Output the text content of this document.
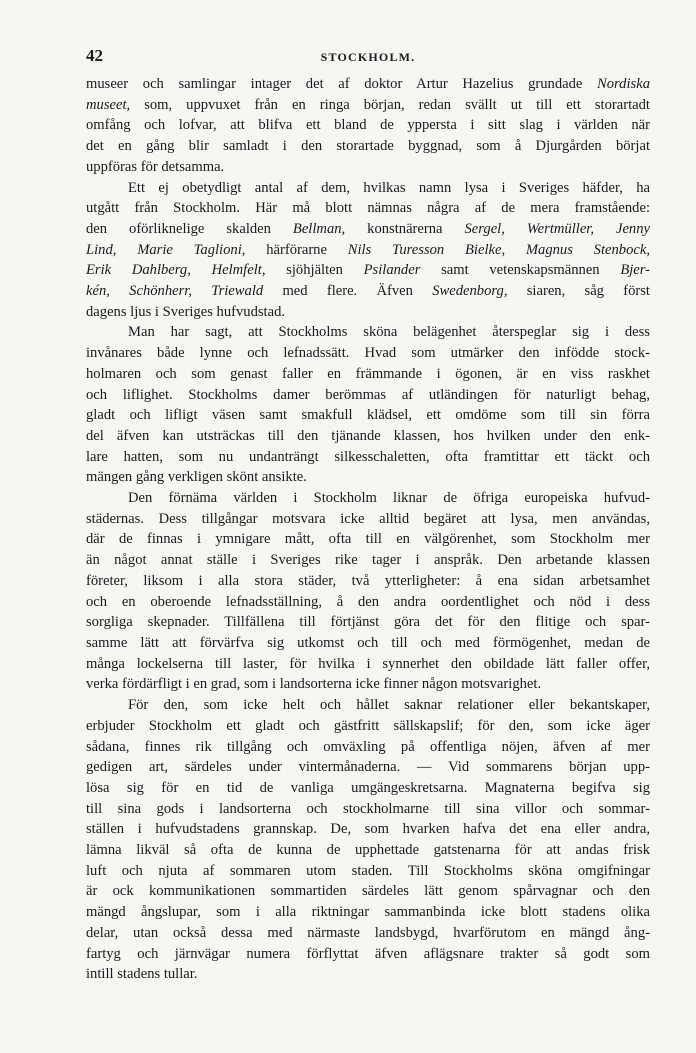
42	STOCKHOLM.
museer och samlingar intager det af doktor Artur Hazelius grundade Nordiska
museet, som, uppvuxet från en ringa början, redan svällt ut till ett storartadt
omfång och lofvar, att blifva ett bland de yppersta i sitt slag i världen när
det en gång blir samladt i den storartade byggnad, som å Djurgården börjat
uppföras för detsamma.
Ett ej obetydligt antal af dem, hvilkas namn lysa i Sveriges häfder, ha
utgått från Stockholm. Här må blott nämnas några af de mera framstående:
den oförliknelige skalden Bellman, konstnärerna Sergel, Wertmüller, Jenny
Lind, Marie Taglioni, härförarne Nils Turesson Bielke, Magnus Stenbock,
Erik Dahlberg, Helmfelt, sjöhjälten Psilander samt vetenskapsmännen Bjer-
kén, Schönherr, Triewald med flere. Äfven Swedenborg, siaren, såg först
dagens ljus i Sveriges hufvudstad.
Man har sagt, att Stockholms sköna belägenhet återspeglar sig i dess
invånares både lynne och lefnadssätt. Hvad som utmärker den infödde stock-
holmaren och som genast faller en främmande i ögonen, är en viss raskhet
och liflighet. Stockholms damer berömmas af utländingen för naturligt behag,
gladt och lifligt väsen samt smakfull klädsel, ett omdöme som till sin förra
del äfven kan utsträckas till den tjänande klassen, hos hvilken under den enk-
lare hatten, som nu undanträngt silkesschaletten, ofta framtittar ett täckt och
mängen gång verkligen skönt ansikte.
Den förnäma världen i Stockholm liknar de öfriga europeiska hufvud-
städernas. Dess tillgångar motsvara icke alltid begäret att lysa, men användas,
där de finnas i ymnigare mått, ofta till en välgörenhet, som Stockholm mer
än något annat ställe i Sveriges rike tager i anspråk. Den arbetande klassen
företer, liksom i alla stora städer, två ytterligheter: å ena sidan arbetsamhet
och en oberoende lefnadsställning, å den andra oordentlighet och nöd i dess
sorgliga skepnader. Tillfällena till förtjänst göra det för den flitige och spar-
samme lätt att förvärfva sig utkomst och till och med förmögenhet, medan de
många lockelserna till laster, för hvilka i synnerhet den obildade lätt faller offer,
verka fördärfligt i en grad, som i landsorterna icke finner någon motsvarighet.
För den, som icke helt och hållet saknar relationer eller bekantskaper,
erbjuder Stockholm ett gladt och gästfritt sällskapslif; för den, som icke äger
sådana, finnes rik tillgång och omväxling på offentliga nöjen, äfven af mer
gedigen art, särdeles under vintermånaderna. — Vid sommarens början upp-
lösa sig för en tid de vanliga umgängeskretsarna. Magnaterna begifva sig
till sina gods i landsorterna och stockholmarne till sina villor och sommar-
ställen i hufvudstadens grannskap. De, som hvarken hafva det ena eller andra,
lämna likväl så ofta de kunna de upphettade gatstenarna för att andas frisk
luft och njuta af sommaren utom staden. Till Stockholms sköna omgifningar
är ock kommunikationen sommartiden särdeles lätt genom spårvagnar och den
mängd ångslupar, som i alla riktningar sammanbinda icke blott stadens olika
delar, utan också dessa med närmaste landsbygd, hvarförutom en mängd ång-
fartyg och järnvägar numera förflyttat äfven aflägsnare trakter så godt som
intill stadens tullar.
